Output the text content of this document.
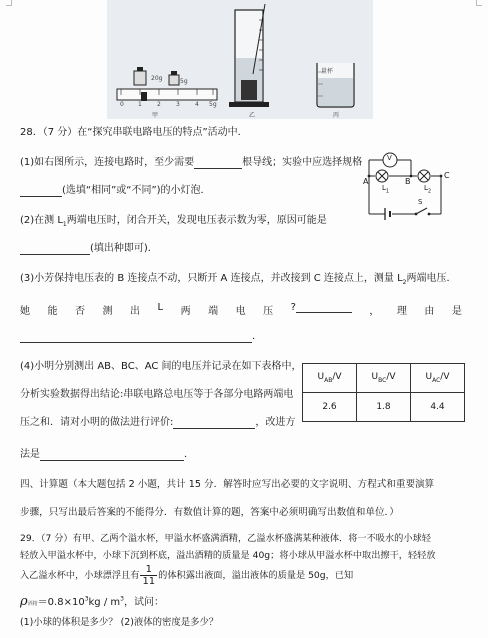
20g	5g
0 1	2	3	4 5g
量杯
甲	乙	丙
28．（7 分）在“探究串联电路电压的特点”活动中．
(1)如右图所示，连接电路时，至少需要	根导线；实验中应选择规格
(选填“相同”或“不同”)的小灯泡．
(2)在测 $L_1$两端电压时，闭合开关，发现电压表示数为零，原因可能是
(填出种即可)．
(3)小芳保持电压表的 B 连接点不动，只断开 A 连接点，并改接到 C 连接点上，测量 $L_2$两端电压．
她 能 否 测 出 L 两 端 电 压 ?	， 理 由 是
．
(4)小明分别测出 AB、BC、AC 间的电压并记录在如下表格中，
分析实验数据得出结论:串联电路总电压等于各部分电路两端电
压之和．请对小明的做法进行评价:	，改进方
法是	．
V
A	B
C
$L_1$	$L_2$
S
$U_{AB}/V$	$U_{BC}/V$	$U_{AC}/V$
2.6	1.8	4.4
四、计算题（本大题包括 2 小题，共计 15 分．解答时应写出必要的文字说明、方程式和重要演算
步骤，只写出最后答案的不能得分．有数值计算的题，答案中必须明确写出数值和单位．）
29．（7 分）有甲、乙两个溢水杯，甲溢水杯盛满酒精，乙溢水杯盛满某种液体．将一不吸水的小球轻
轻放入甲溢水杯中，小球下沉到杯底，溢出酒精的质量是 40g；将小球从甲溢水杯中取出擦干，轻轻放
入乙溢水杯中，小球漂浮且有 $\frac{1}{11}$ 的体积露出液面，溢出液体的质量是 50g，已知
ρ酒精$=0.8\times 10^3kg / m^3$，试问：
(1)小球的体积是多少？ (2)液体的密度是多少？
